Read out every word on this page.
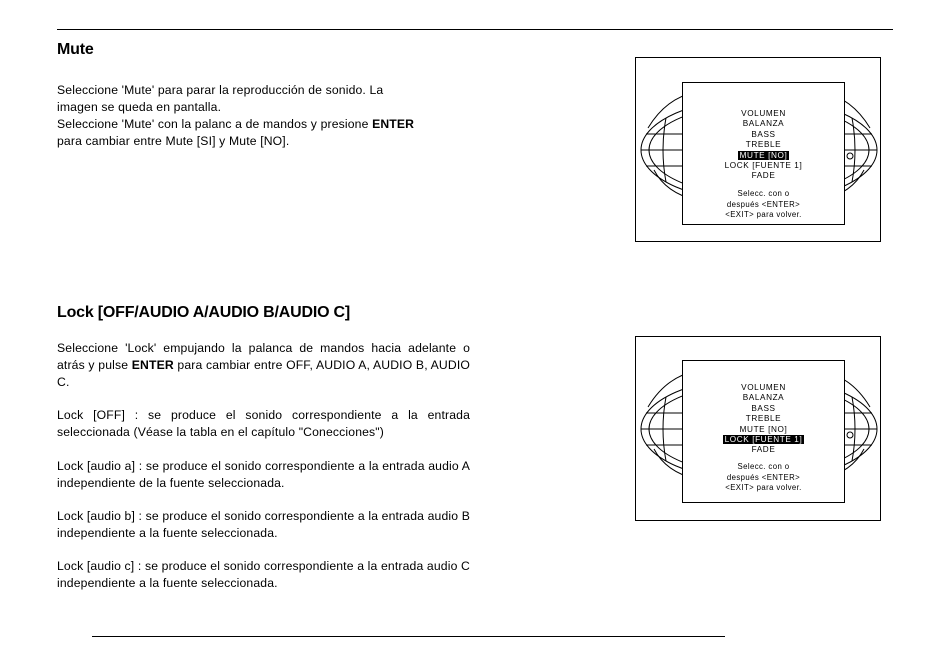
Mute

Seleccione 'Mute' para parar la reproducción de sonido. La
imagen se queda en pantalla.
Seleccione 'Mute' con la palanc a de mandos y presione ENTER
para cambiar entre Mute [SI] y Mute [NO].

VOLUMEN
BALANZA
BASS
TREBLE
MUTE [NO]
LOCK [FUENTE 1]
FADE

Selecc. con o
después <ENTER>
<EXIT> para volver.

Lock [OFF/AUDIO A/AUDIO B/AUDIO C]

Seleccione 'Lock' empujando la palanca de mandos hacia adelante o atrás y pulse ENTER para cambiar entre OFF, AUDIO A, AUDIO B, AUDIO C.

Lock [OFF] : se produce el sonido correspondiente a la entrada seleccionada (Véase la tabla en el capítulo "Conecciones")

Lock [audio a] : se produce el sonido correspondiente a la entrada audio A independiente de la fuente seleccionada.

Lock [audio b] : se produce el sonido correspondiente a la entrada audio B independiente a la fuente seleccionada.

Lock [audio c] : se produce el sonido correspondiente a la entrada audio C independiente a la fuente seleccionada.

VOLUMEN
BALANZA
BASS
TREBLE
MUTE [NO]
LOCK [FUENTE 1]
FADE

Selecc. con o
después <ENTER>
<EXIT> para volver.
